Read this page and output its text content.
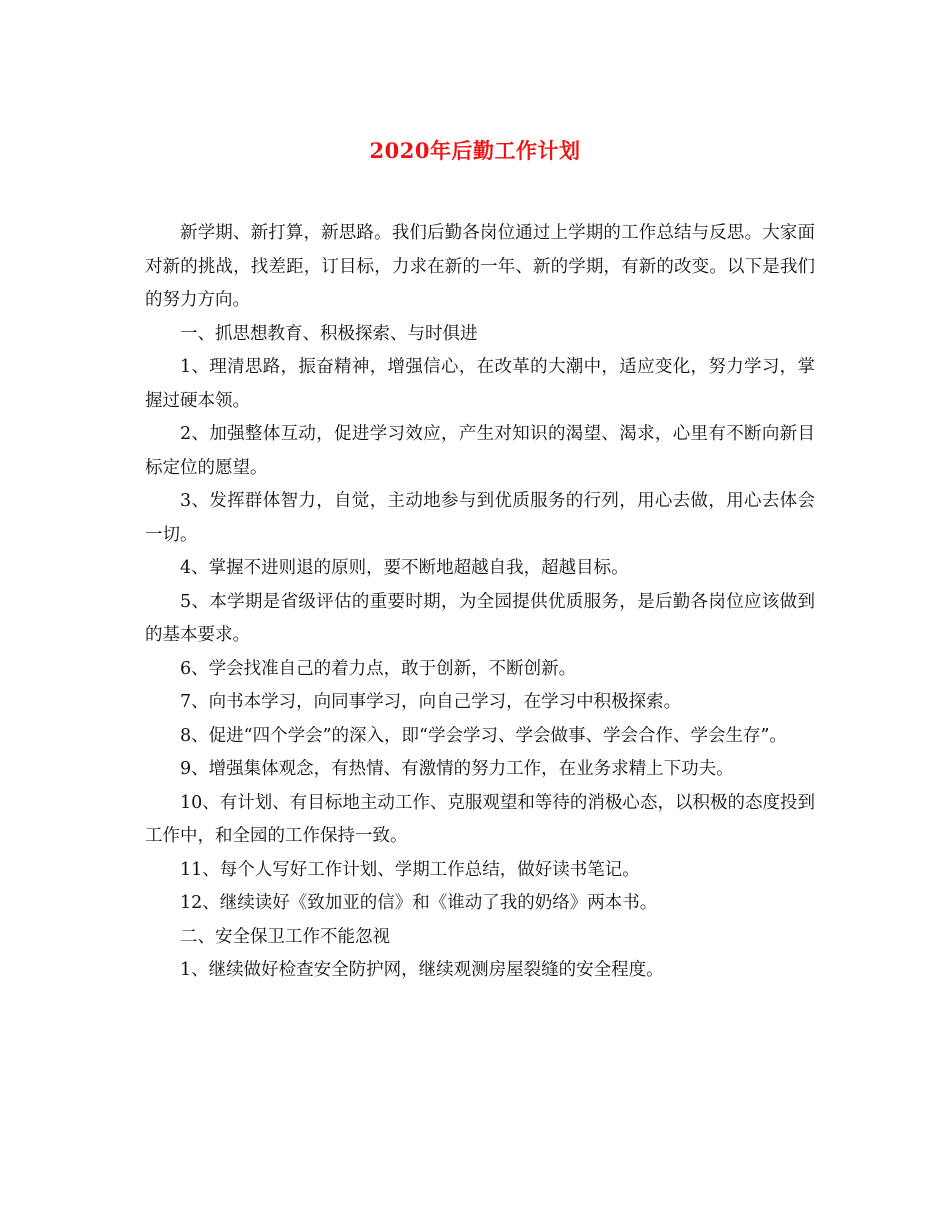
2020年后勤工作计划

新学期、新打算，新思路。我们后勤各岗位通过上学期的工作总结与反思。大家面对新的挑战，找差距，订目标，力求在新的一年、新的学期，有新的改变。以下是我们的努力方向。

一、抓思想教育、积极探索、与时俱进

1、理清思路，振奋精神，增强信心，在改革的大潮中，适应变化，努力学习，掌握过硬本领。

2、加强整体互动，促进学习效应，产生对知识的渴望、渴求，心里有不断向新目标定位的愿望。

3、发挥群体智力，自觉，主动地参与到优质服务的行列，用心去做，用心去体会一切。

4、掌握不进则退的原则，要不断地超越自我，超越目标。

5、本学期是省级评估的重要时期，为全园提供优质服务，是后勤各岗位应该做到的基本要求。

6、学会找准自己的着力点，敢于创新，不断创新。

7、向书本学习，向同事学习，向自己学习，在学习中积极探索。

8、促进“四个学会”的深入，即“学会学习、学会做事、学会合作、学会生存”。

9、增强集体观念，有热情、有激情的努力工作，在业务求精上下功夫。

10、有计划、有目标地主动工作、克服观望和等待的消极心态，以积极的态度投到工作中，和全园的工作保持一致。

11、每个人写好工作计划、学期工作总结，做好读书笔记。

12、继续读好《致加亚的信》和《谁动了我的奶络》两本书。

二、安全保卫工作不能忽视

1、继续做好检查安全防护网，继续观测房屋裂缝的安全程度。
